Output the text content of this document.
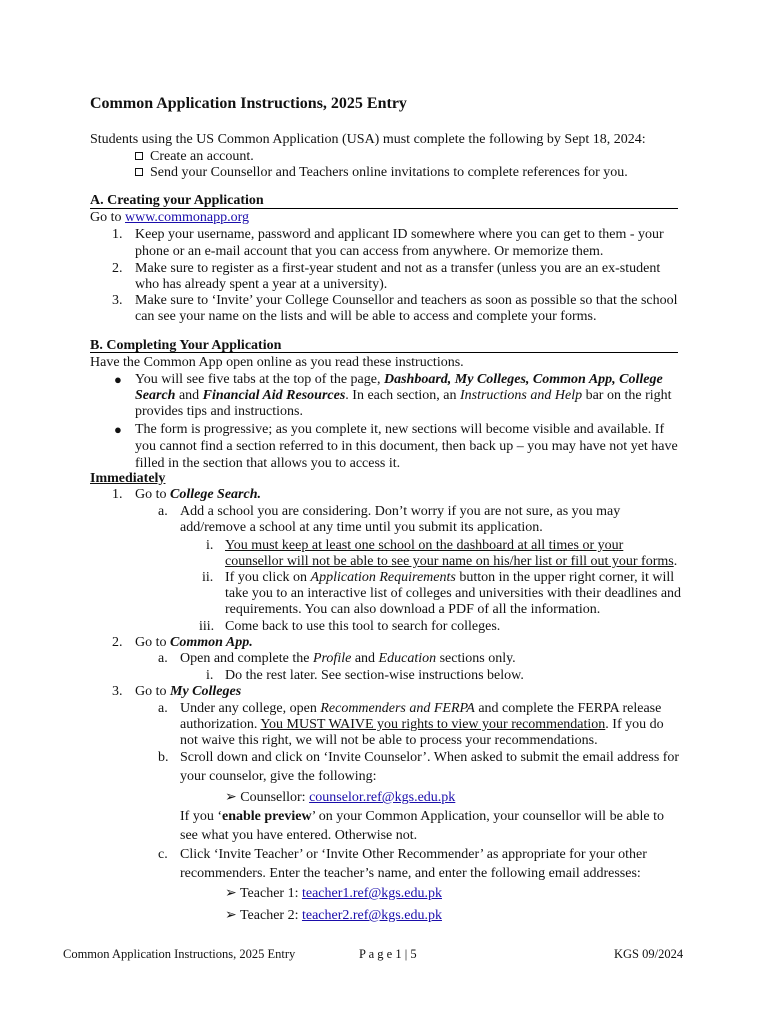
Common Application Instructions, 2025 Entry
Students using the US Common Application (USA) must complete the following by Sept 18, 2024:
Create an account.
Send your Counsellor and Teachers online invitations to complete references for you.
A. Creating your Application
Go to www.commonapp.org
1. Keep your username, password and applicant ID somewhere where you can get to them - your
phone or an e-mail account that you can access from anywhere. Or memorize them.
2. Make sure to register as a first-year student and not as a transfer (unless you are an ex-student
who has already spent a year at a university).
3. Make sure to ‘Invite’ your College Counsellor and teachers as soon as possible so that the school
can see your name on the lists and will be able to access and complete your forms.
B. Completing Your Application
Have the Common App open online as you read these instructions.
● You will see five tabs at the top of the page, Dashboard, My Colleges, Common App, College
Search and Financial Aid Resources. In each section, an Instructions and Help bar on the right
provides tips and instructions.
● The form is progressive; as you complete it, new sections will become visible and available. If
you cannot find a section referred to in this document, then back up – you may have not yet have
filled in the section that allows you to access it.
Immediately
1. Go to College Search.
a. Add a school you are considering. Don’t worry if you are not sure, as you may
add/remove a school at any time until you submit its application.
i. You must keep at least one school on the dashboard at all times or your
counsellor will not be able to see your name on his/her list or fill out your forms.
ii. If you click on Application Requirements button in the upper right corner, it will
take you to an interactive list of colleges and universities with their deadlines and
requirements. You can also download a PDF of all the information.
iii. Come back to use this tool to search for colleges.
2. Go to Common App.
a. Open and complete the Profile and Education sections only.
i. Do the rest later. See section-wise instructions below.
3. Go to My Colleges
a. Under any college, open Recommenders and FERPA and complete the FERPA release
authorization. You MUST WAIVE you rights to view your recommendation. If you do
not waive this right, we will not be able to process your recommendations.
b. Scroll down and click on ‘Invite Counselor’. When asked to submit the email address for
your counselor, give the following:
➢ Counsellor: counselor.ref@kgs.edu.pk
If you ‘enable preview’ on your Common Application, your counsellor will be able to
see what you have entered. Otherwise not.
c. Click ‘Invite Teacher’ or ‘Invite Other Recommender’ as appropriate for your other
recommenders. Enter the teacher’s name, and enter the following email addresses:
➢ Teacher 1: teacher1.ref@kgs.edu.pk
➢ Teacher 2: teacher2.ref@kgs.edu.pk
Common Application Instructions, 2025 Entry	P a g e 1 | 5	KGS 09/2024
